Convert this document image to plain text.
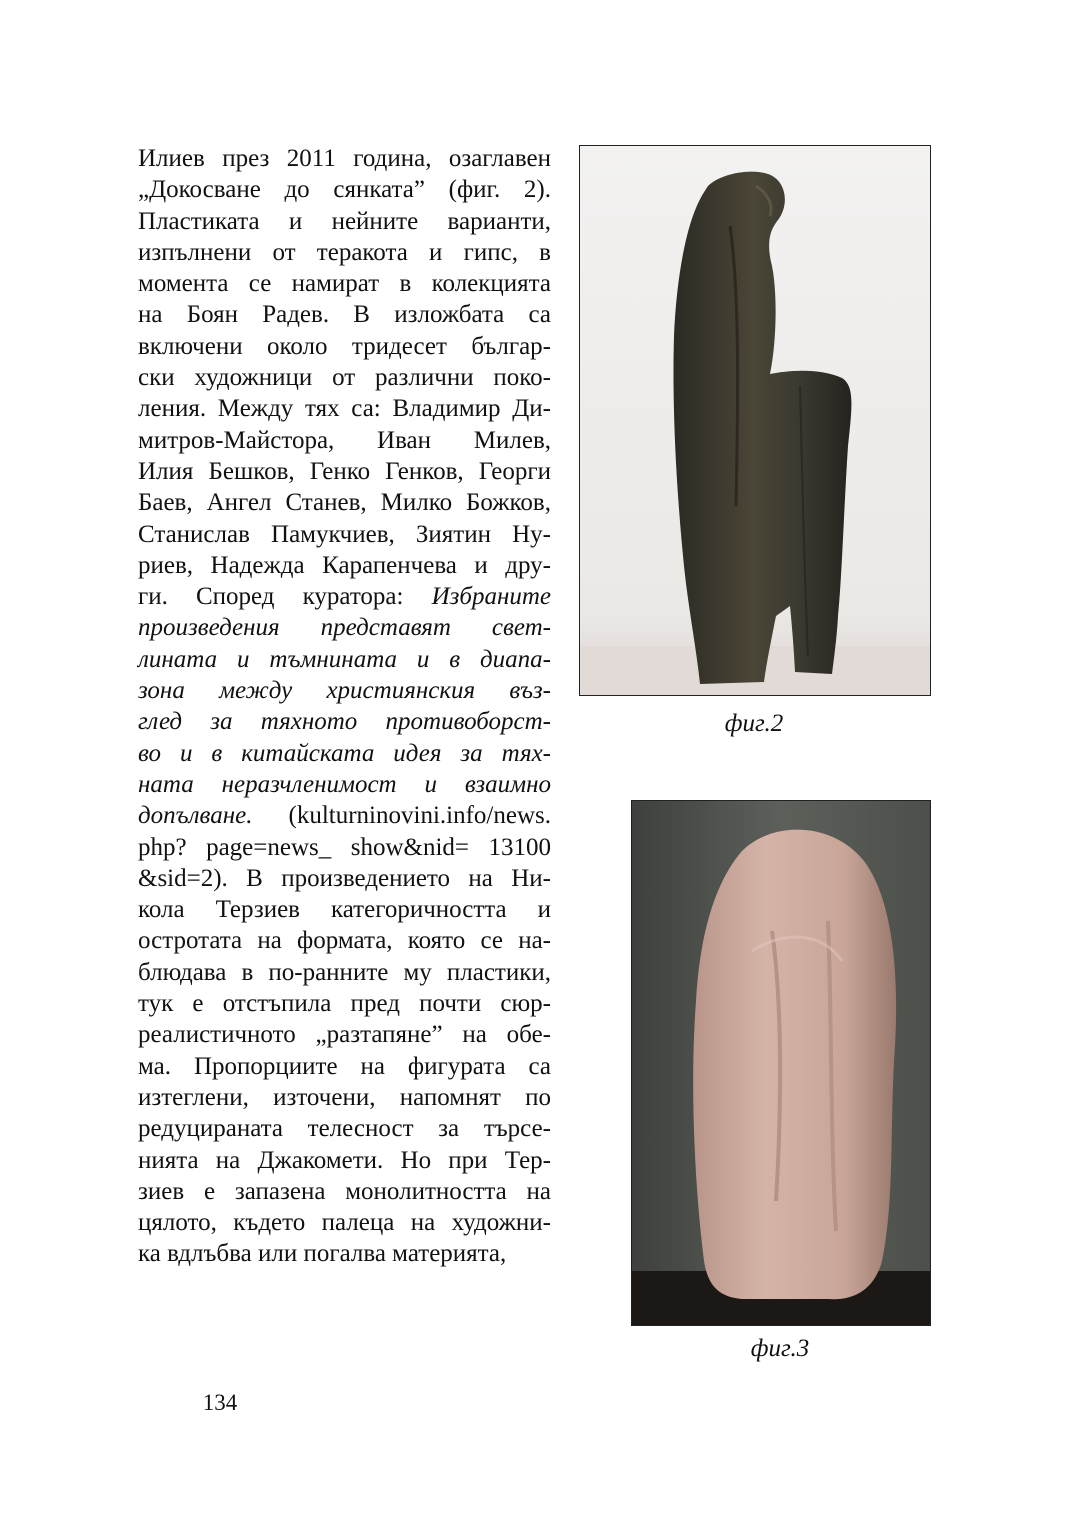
Илиев през 2011 година, озаглавен
„Докосване до сянката” (фиг. 2).
Пластиката и нейните варианти,
изпълнени от теракота и гипс, в
момента се намират в колекцията
на Боян Радев. В изложбата са
включени около тридесет българ-
ски художници от различни поко-
ления. Между тях са: Владимир Ди-
митров-Майстора, Иван Милев,
Илия Бешков, Генко Генков, Георги
Баев, Ангел Станев, Милко Божков,
Станислав Памукчиев, Зиятин Ну-
риев, Надежда Карапенчева и дру-
ги. Според куратора: Избраните
произведения представят свет-
лината и тъмнината и в диапа-
зона между християнския въз-
глед за тяхното противоборст-
во и в китайската идея за тях-
ната неразчленимост и взаимно
допълване. (kulturninovini.info/news.
php? page=news_ show&nid= 13100
&sid=2). В произведението на Ни-
кола Терзиев категоричността и
остротата на формата, която се на-
блюдава в по-ранните му пластики,
тук е отстъпила пред почти сюр-
реалистичното „разтапяне” на обе-
ма. Пропорциите на фигурата са
изтеглени, източени, напомнят по
редуцираната телесност за търсе-
нията на Джакомети. Но при Тер-
зиев е запазена монолитността на
цялото, където палеца на художни-
ка вдлъбва или погалва материята,
фиг.2
фиг.3
134
